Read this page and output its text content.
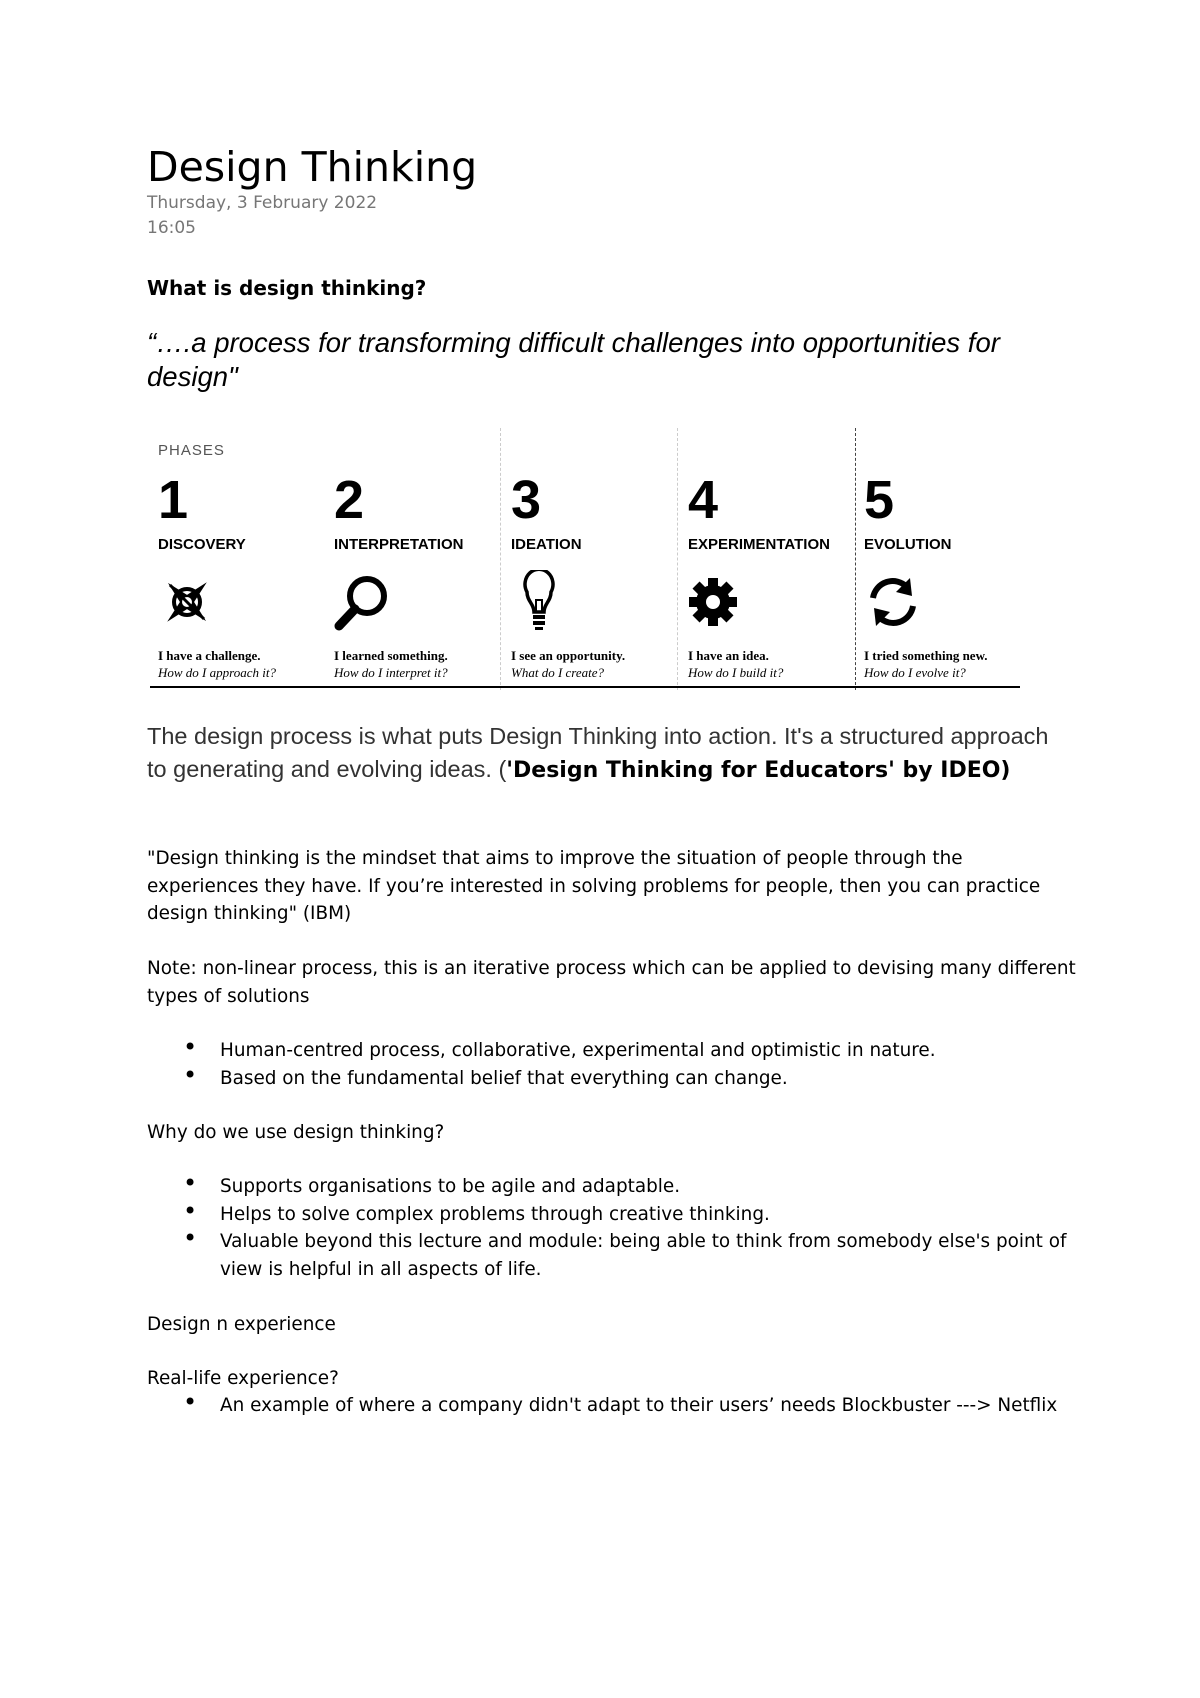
Design Thinking
Thursday, 3 February 2022
16:05
What is design thinking?
“….a process for transforming difficult challenges into opportunities for design"
PHASES
1
DISCOVERY
I have a challenge.
How do I approach it?
2
INTERPRETATION
I learned something.
How do I interpret it?
3
IDEATION
I see an opportunity.
What do I create?
4
EXPERIMENTATION
I have an idea.
How do I build it?
5
EVOLUTION
I tried something new.
How do I evolve it?
The design process is what puts Design Thinking into action. It's a structured approach to generating and evolving ideas. ('Design Thinking for Educators' by IDEO)
"Design thinking is the mindset that aims to improve the situation of people through the experiences they have. If you’re interested in solving problems for people, then you can practice design thinking" (IBM)
Note: non-linear process, this is an iterative process which can be applied to devising many different types of solutions
• Human-centred process, collaborative, experimental and optimistic in nature.
• Based on the fundamental belief that everything can change.
Why do we use design thinking?
• Supports organisations to be agile and adaptable.
• Helps to solve complex problems through creative thinking.
• Valuable beyond this lecture and module: being able to think from somebody else's point of view is helpful in all aspects of life.
Design n experience
Real-life experience?
• An example of where a company didn't adapt to their users’ needs Blockbuster ---> Netflix
